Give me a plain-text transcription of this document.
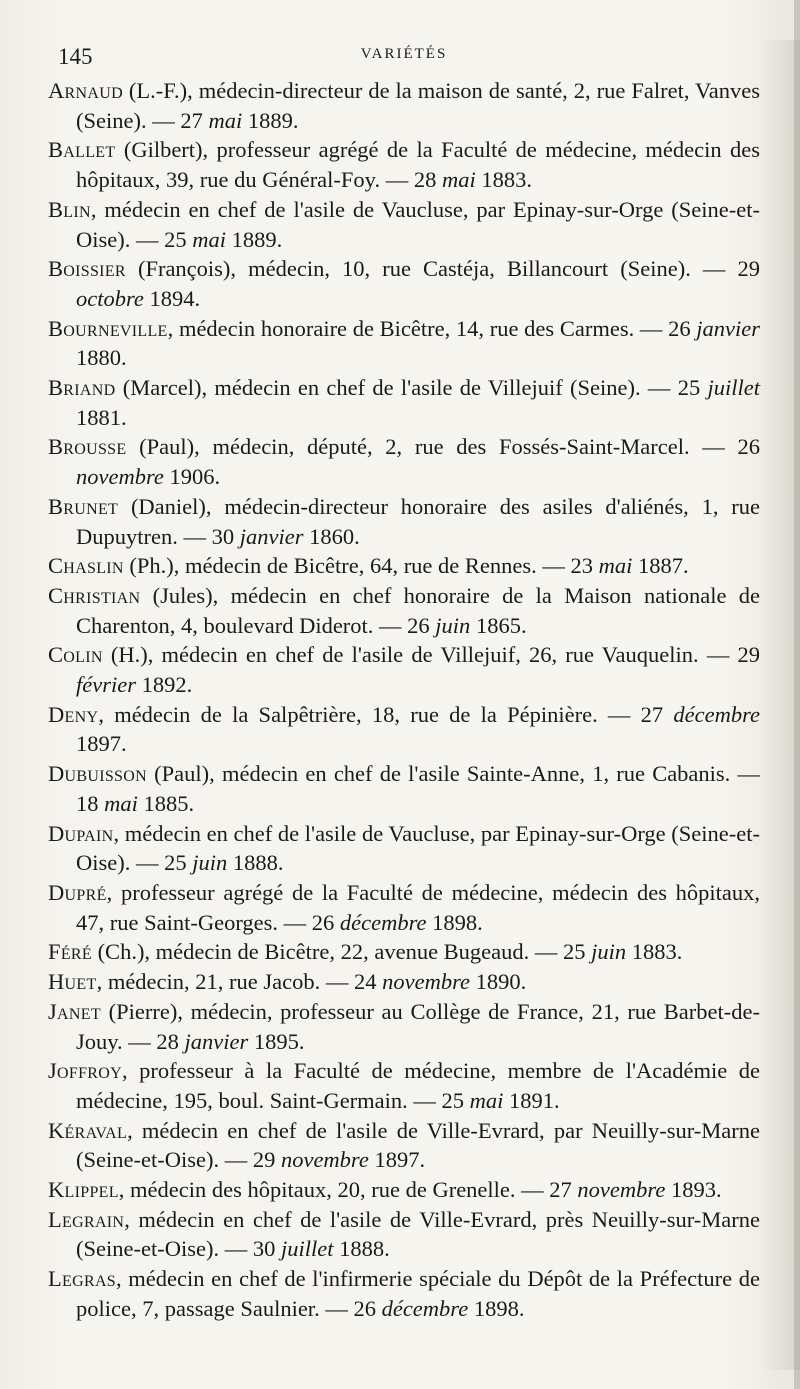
145	VARIÉTÉS

Arnaud (L.-F.), médecin-directeur de la maison de santé, 2, rue Falret, Vanves (Seine). — 27 mai 1889.

Ballet (Gilbert), professeur agrégé de la Faculté de médecine, médecin des hôpitaux, 39, rue du Général-Foy. — 28 mai 1883.

Blin, médecin en chef de l'asile de Vaucluse, par Epinay-sur-Orge (Seine-et-Oise). — 25 mai 1889.

Boissier (François), médecin, 10, rue Castéja, Billancourt (Seine). — 29 octobre 1894.

Bourneville, médecin honoraire de Bicêtre, 14, rue des Carmes. — 26 janvier 1880.

Briand (Marcel), médecin en chef de l'asile de Villejuif (Seine). — 25 juillet 1881.

Brousse (Paul), médecin, député, 2, rue des Fossés-Saint-Marcel. — 26 novembre 1906.

Brunet (Daniel), médecin-directeur honoraire des asiles d'aliénés, 1, rue Dupuytren. — 30 janvier 1860.

Chaslin (Ph.), médecin de Bicêtre, 64, rue de Rennes. — 23 mai 1887.

Christian (Jules), médecin en chef honoraire de la Maison nationale de Charenton, 4, boulevard Diderot. — 26 juin 1865.

Colin (H.), médecin en chef de l'asile de Villejuif, 26, rue Vauquelin. — 29 février 1892.

Deny, médecin de la Salpêtrière, 18, rue de la Pépinière. — 27 décembre 1897.

Dubuisson (Paul), médecin en chef de l'asile Sainte-Anne, 1, rue Cabanis. — 18 mai 1885.

Dupain, médecin en chef de l'asile de Vaucluse, par Epinay-sur-Orge (Seine-et-Oise). — 25 juin 1888.

Dupré, professeur agrégé de la Faculté de médecine, médecin des hôpitaux, 47, rue Saint-Georges. — 26 décembre 1898.

Féré (Ch.), médecin de Bicêtre, 22, avenue Bugeaud. — 25 juin 1883.

Huet, médecin, 21, rue Jacob. — 24 novembre 1890.

Janet (Pierre), médecin, professeur au Collège de France, 21, rue Barbet-de-Jouy. — 28 janvier 1895.

Joffroy, professeur à la Faculté de médecine, membre de l'Académie de médecine, 195, boul. Saint-Germain. — 25 mai 1891.

Kéraval, médecin en chef de l'asile de Ville-Evrard, par Neuilly-sur-Marne (Seine-et-Oise). — 29 novembre 1897.

Klippel, médecin des hôpitaux, 20, rue de Grenelle. — 27 novembre 1893.

Legrain, médecin en chef de l'asile de Ville-Evrard, près Neuilly-sur-Marne (Seine-et-Oise). — 30 juillet 1888.

Legras, médecin en chef de l'infirmerie spéciale du Dépôt de la Préfecture de police, 7, passage Saulnier. — 26 décembre 1898.
